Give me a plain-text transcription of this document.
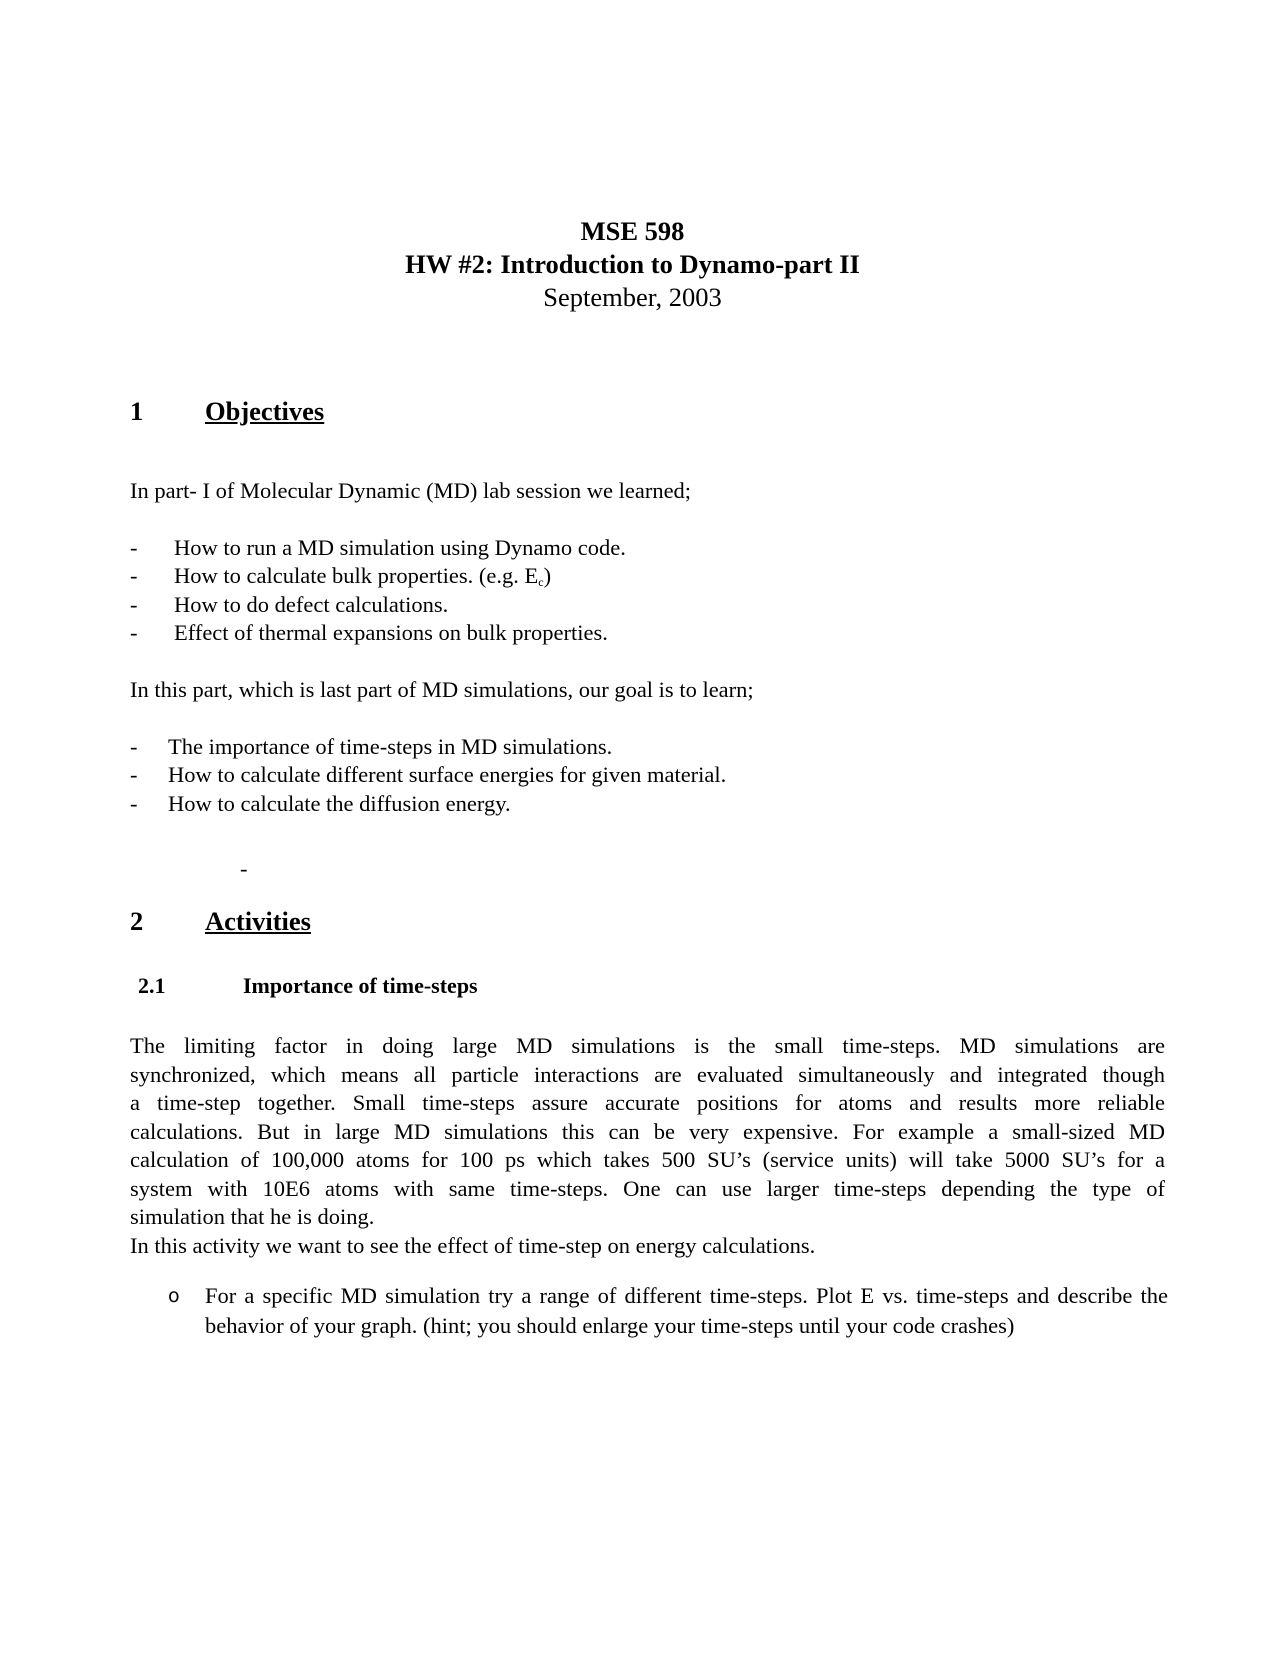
MSE 598

HW #2: Introduction to Dynamo-part II

September, 2003

1	Objectives

In part- I of Molecular Dynamic (MD) lab session we learned;

-	How to run a MD simulation using Dynamo code.
-	How to calculate bulk properties. (e.g. $E_c$)
-	How to do defect calculations.
-	Effect of thermal expansions on bulk properties.

In this part, which is last part of MD simulations, our goal is to learn;

-	The importance of time-steps in MD simulations.
-	How to calculate different surface energies for given material.
-	How to calculate the diffusion energy.
-
2	Activities
2.1	Importance of time-steps
The limiting factor in doing large MD simulations is the small time-steps. MD simulations are
synchronized, which means all particle interactions are evaluated simultaneously and integrated though
a time-step together. Small time-steps assure accurate positions for atoms and results more reliable
calculations. But in large MD simulations this can be very expensive. For example a small-sized MD
calculation of 100,000 atoms for 100 ps which takes 500 SU’s (service units) will take 5000 SU’s for a
system with 10E6 atoms with same time-steps. One can use larger time-steps depending the type of
simulation that he is doing.
In this activity we want to see the effect of time-step on energy calculations.
o	For a specific MD simulation try a range of different time-steps. Plot E vs. time-steps and describe the behavior of your graph. (hint; you should enlarge your time-steps until your code crashes)
